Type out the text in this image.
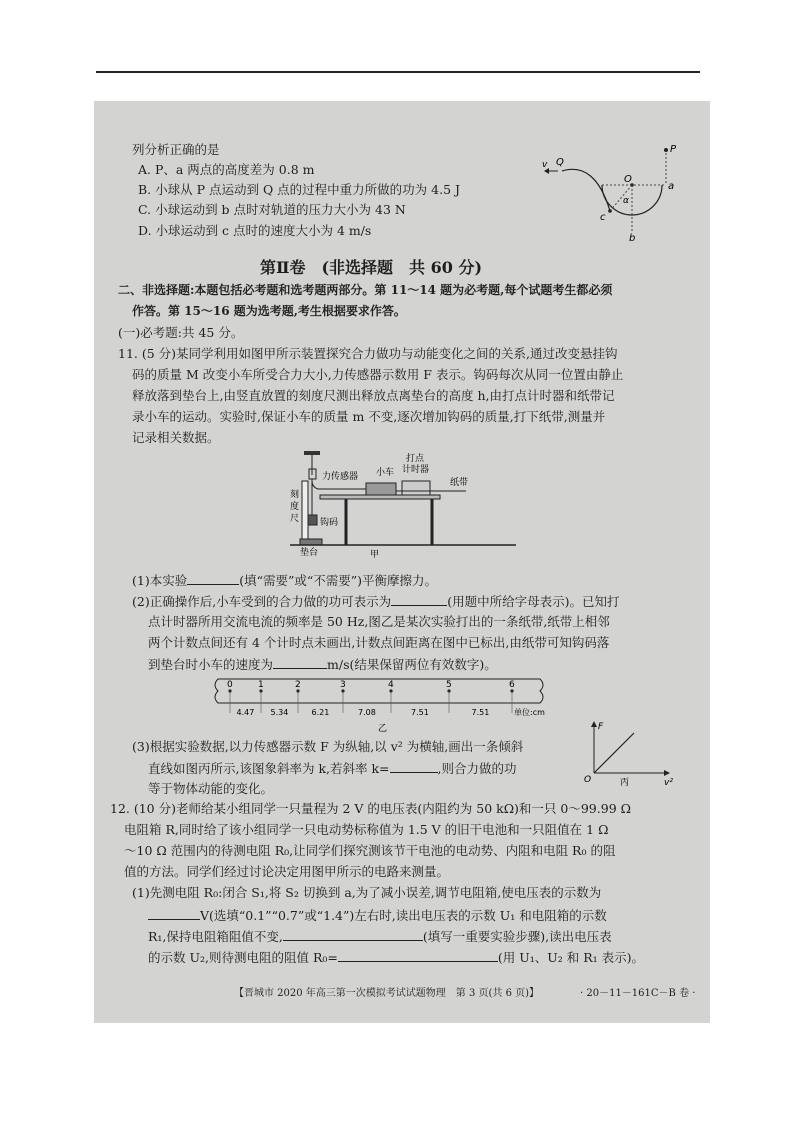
列分析正确的是
A. P、a 两点的高度差为 0.8 m
B. 小球从 P 点运动到 Q 点的过程中重力所做的功为 4.5 J
C. 小球运动到 b 点时对轨道的压力大小为 43 N
D. 小球运动到 c 点时的速度大小为 4 m/s
P
O
a
b
α
c
v Q
第Ⅱ卷　(非选择题　共 60 分)
二、非选择题:本题包括必考题和选考题两部分。第 11～14 题为必考题,每个试题考生都必须
作答。第 15～16 题为选考题,考生根据要求作答。
(一)必考题:共 45 分。
11. (5 分)某同学利用如图甲所示装置探究合力做功与动能变化之间的关系,通过改变悬挂钩
码的质量 M 改变小车所受合力大小,力传感器示数用 F 表示。钩码每次从同一位置由静止
释放落到垫台上,由竖直放置的刻度尺测出释放点离垫台的高度 h,由打点计时器和纸带记
录小车的运动。实验时,保证小车的质量 m 不变,逐次增加钩码的质量,打下纸带,测量并
记录相关数据。
力传感器
钩码
刻
度
尺
垫台
小车
打点
计时器
纸带
甲
(1)本实验	(填“需要”或“不需要”)平衡摩擦力。
(2)正确操作后,小车受到的合力做的功可表示为	(用题中所给字母表示)。已知打
点计时器所用交流电流的频率是 50 Hz,图乙是某次实验打出的一条纸带,纸带上相邻
两个计数点间还有 4 个计时点未画出,计数点间距离在图中已标出,由纸带可知钩码落
到垫台时小车的速度为	m/s(结果保留两位有效数字)。
0	1	2	3	4	5	6
4.47 5.34	6.21	7.08	7.51	7.51	单位:cm
乙
(3)根据实验数据,以力传感器示数 F 为纵轴,以 v² 为横轴,画出一条倾斜
直线如图丙所示,该图象斜率为 k,若斜率 k=	,则合力做的功
等于物体动能的变化。
F
v²
O	丙
12. (10 分)老师给某小组同学一只量程为 2 V 的电压表(内阻约为 50 kΩ)和一只 0～99.99 Ω
电阻箱 R,同时给了该小组同学一只电动势标称值为 1.5 V 的旧干电池和一只阻值在 1 Ω
～10 Ω 范围内的待测电阻 R₀,让同学们探究测该节干电池的电动势、内阻和电阻 R₀ 的阻
值的方法。同学们经过讨论决定用图甲所示的电路来测量。
(1)先测电阻 R₀:闭合 S₁,将 S₂ 切换到 a,为了减小误差,调节电阻箱,使电压表的示数为
V(选填“0.1”“0.7”或“1.4”)左右时,读出电压表的示数 U₁ 和电阻箱的示数
R₁,保持电阻箱阻值不变,	(填写一重要实验步骤),读出电压表
的示数 U₂,则待测电阻的阻值 R₀=	(用 U₁、U₂ 和 R₁ 表示)。
【晋城市 2020 年高三第一次模拟考试试题物理　第 3 页(共 6 页)】	· 20－11－161C－B 卷 ·
